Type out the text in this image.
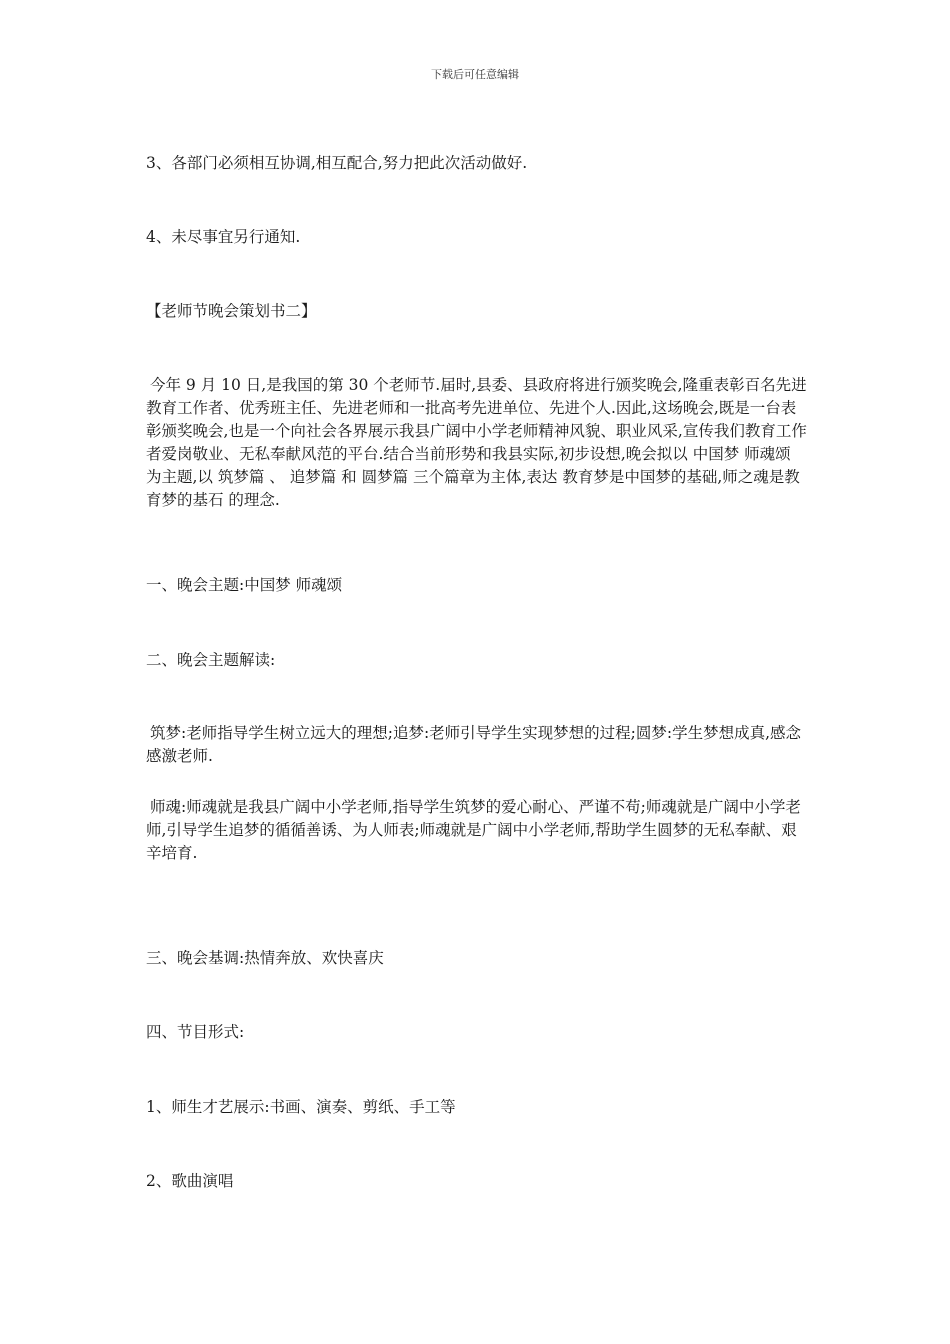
下载后可任意编辑
3、各部门必须相互协调,相互配合,努力把此次活动做好.
4、未尽事宜另行通知.
【老师节晚会策划书二】
今年 9 月 10 日,是我国的第 30 个老师节.届时,县委、县政府将进行颁奖晚会,隆重表彰百名先进教育工作者、优秀班主任、先进老师和一批高考先进单位、先进个人.因此,这场晚会,既是一台表彰颁奖晚会,也是一个向社会各界展示我县广阔中小学老师精神风貌、职业风采,宣传我们教育工作者爱岗敬业、无私奉献风范的平台.结合当前形势和我县实际,初步设想,晚会拟以 中国梦 师魂颂 为主题,以 筑梦篇 、 追梦篇 和 圆梦篇 三个篇章为主体,表达 教育梦是中国梦的基础,师之魂是教育梦的基石 的理念.
一、晚会主题:中国梦 师魂颂
二、晚会主题解读:
筑梦:老师指导学生树立远大的理想;追梦:老师引导学生实现梦想的过程;圆梦:学生梦想成真,感念感激老师.
师魂:师魂就是我县广阔中小学老师,指导学生筑梦的爱心耐心、严谨不苟;师魂就是广阔中小学老师,引导学生追梦的循循善诱、为人师表;师魂就是广阔中小学老师,帮助学生圆梦的无私奉献、艰辛培育.
三、晚会基调:热情奔放、欢快喜庆
四、节目形式:
1、师生才艺展示:书画、演奏、剪纸、手工等
2、歌曲演唱
